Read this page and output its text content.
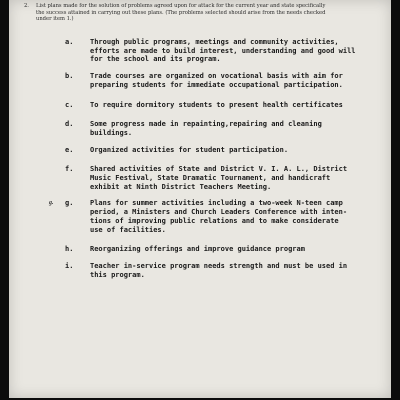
2. List plans made for the solution of problems agreed upon for attack for the current year and state specifically

the success attained in carrying out these plans. (The problems selected should arise from the needs checked

under item 1.)

a. Through public programs, meetings and community activities,
efforts are made to build interest, understanding and good will
for the school and its program.
b. Trade courses are organized on vocational basis with aim for
preparing students for immediate occupational participation.
c. To require dormitory students to present health certificates
d. Some progress made in repainting,repairing and cleaning
buildings.
e. Organized activities for student participation.
f. Shared activities of State and District V. I. A. L., District
Music Festival, State Dramatic Tournament, and handicraft
exhibit at Ninth District Teachers Meeting.
g. g. Plans for summer activities including a two-week N-teen camp
period, a Ministers and Church Leaders Conference with inten-
tions of improving public relations and to make considerate
use of facilities.
h. Reorganizing offerings and improve guidance program
i. Teacher in-service program needs strength and must be used in
this program.
